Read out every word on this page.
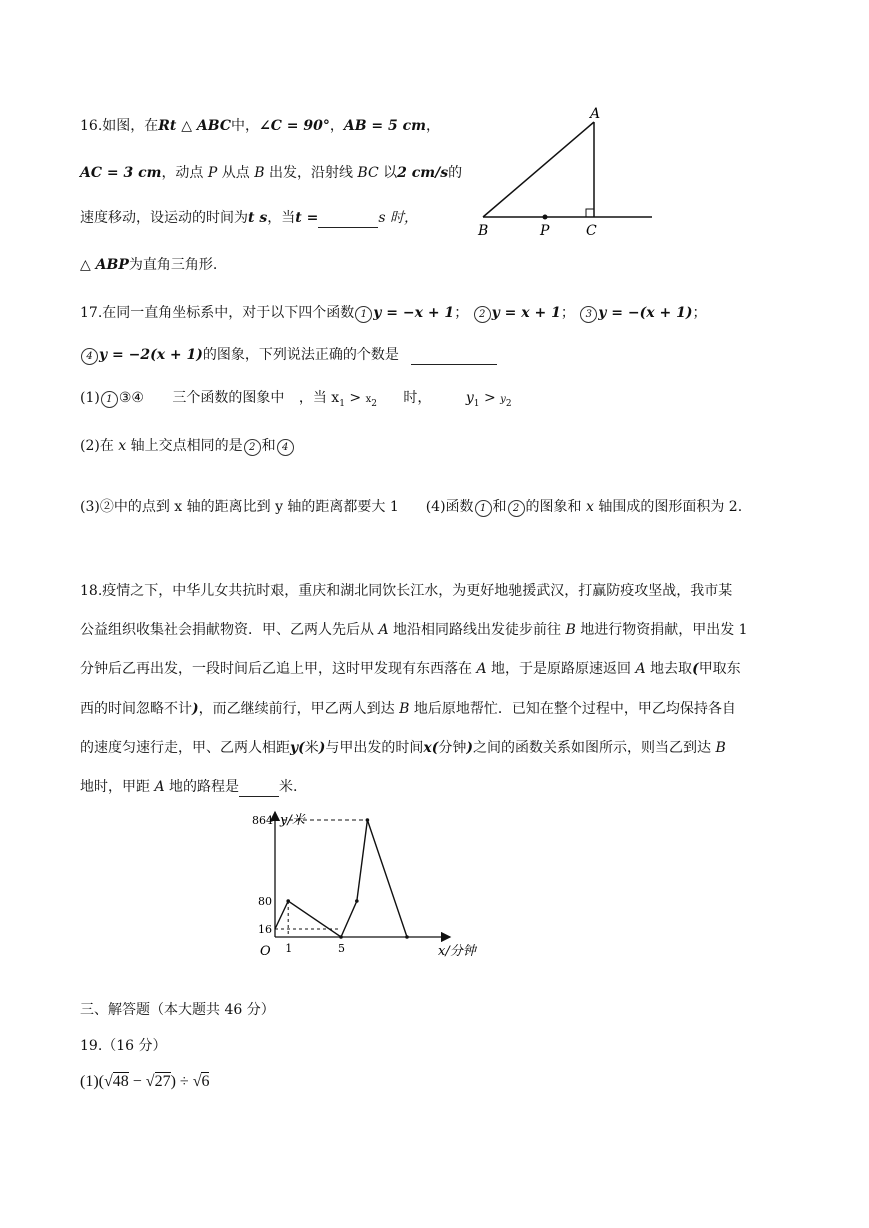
16.如图，在Rt △ ABC中，∠C = 90°，AB = 5 cm，
AC = 3 cm，动点 P 从点 B 出发，沿射线 BC 以2 cm/s的
速度移动，设运动的时间为t s，当t =	s 时，
△ ABP为直角三角形.
A
B	P	C
17.在同一直角坐标系中，对于以下四个函数 1 y = −x + 1； 2 y = x + 1； 3 y = −(x + 1)；
4 y = −2(x + 1)的图象，下列说法正确的个数是
(1) 1 ③④ 三个函数的图象中 ，当 $x_1 > x_2$ 时， $y_1 > y_2$
(2)在 x 轴上交点相同的是 2 和 4
(3)②中的点到 x 轴的距离比到 y 轴的距离都要大 1 (4)函数 1 和 2 的图象和 x 轴围成的图形面积为 2.
18.疫情之下，中华儿女共抗时艰，重庆和湖北同饮长江水，为更好地驰援武汉，打赢防疫攻坚战，我市某
公益组织收集社会捐献物资．甲、乙两人先后从 A 地沿相同路线出发徒步前往 B 地进行物资捐献，甲出发 1
分钟后乙再出发，一段时间后乙追上甲，这时甲发现有东西落在 A 地，于是原路原速返回 A 地去取(甲取东
西的时间忽略不计)，而乙继续前行，甲乙两人到达 B 地后原地帮忙．已知在整个过程中，甲乙均保持各自
的速度匀速行走，甲、乙两人相距y(米)与甲出发的时间x(分钟)之间的函数关系如图所示，则当乙到达 B
地时，甲距 A 地的路程是	米.
y/米
x/分钟
O
864
80
16
1	5
三、解答题（本大题共 46 分）
19.（16 分）
(1)(√48 − √27) ÷ √6
